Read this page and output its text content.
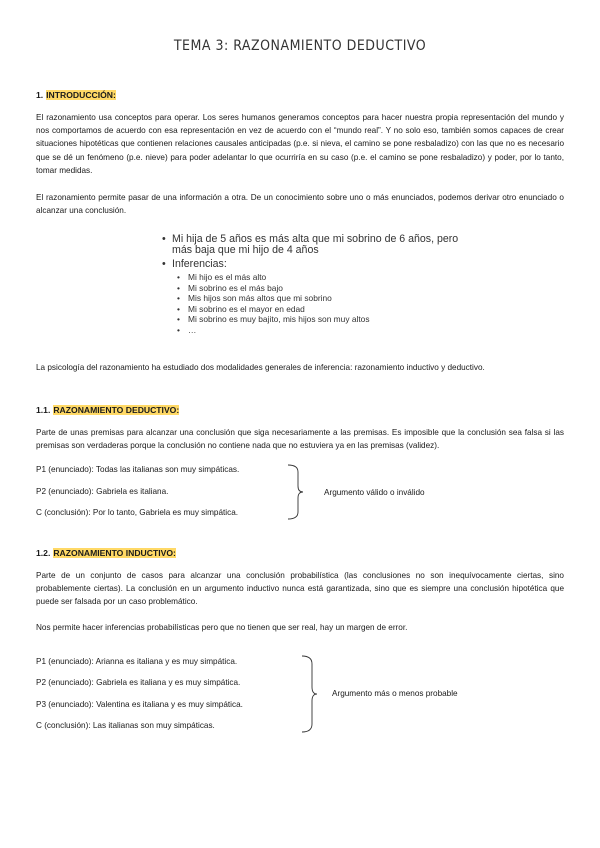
TEMA 3: RAZONAMIENTO DEDUCTIVO
1. INTRODUCCIÓN:
El razonamiento usa conceptos para operar. Los seres humanos generamos conceptos para hacer nuestra propia representación del mundo y nos comportamos de acuerdo con esa representación en vez de acuerdo con el “mundo real”. Y no solo eso, también somos capaces de crear situaciones hipotéticas que contienen relaciones causales anticipadas (p.e. si nieva, el camino se pone resbaladizo) con las que no es necesario que se dé un fenómeno (p.e. nieve) para poder adelantar lo que ocurriría en su caso (p.e. el camino se pone resbaladizo) y poder, por lo tanto, tomar medidas.
El razonamiento permite pasar de una información a otra. De un conocimiento sobre uno o más enunciados, podemos derivar otro enunciado o alcanzar una conclusión.
• Mi hija de 5 años es más alta que mi sobrino de 6 años, pero más baja que mi hijo de 4 años
• Inferencias:
• Mi hijo es el más alto
• Mi sobrino es el más bajo
• Mis hijos son más altos que mi sobrino
• Mi sobrino es el mayor en edad
• Mi sobrino es muy bajito, mis hijos son muy altos
• …
La psicología del razonamiento ha estudiado dos modalidades generales de inferencia: razonamiento inductivo y deductivo.
1.1. RAZONAMIENTO DEDUCTIVO:
Parte de unas premisas para alcanzar una conclusión que siga necesariamente a las premisas. Es imposible que la conclusión sea falsa si las premisas son verdaderas porque la conclusión no contiene nada que no estuviera ya en las premisas (validez).
P1 (enunciado): Todas las italianas son muy simpáticas.
P2 (enunciado): Gabriela es italiana.
C (conclusión): Por lo tanto, Gabriela es muy simpática.
Argumento válido o inválido
1.2. RAZONAMIENTO INDUCTIVO:
Parte de un conjunto de casos para alcanzar una conclusión probabilística (las conclusiones no son inequívocamente ciertas, sino probablemente ciertas). La conclusión en un argumento inductivo nunca está garantizada, sino que es siempre una conclusión hipotética que puede ser falsada por un caso problemático.
Nos permite hacer inferencias probabilísticas pero que no tienen que ser real, hay un margen de error.
P1 (enunciado): Arianna es italiana y es muy simpática.
P2 (enunciado): Gabriela es italiana y es muy simpática.
P3 (enunciado): Valentina es italiana y es muy simpática.
C (conclusión): Las italianas son muy simpáticas.
Argumento más o menos probable
